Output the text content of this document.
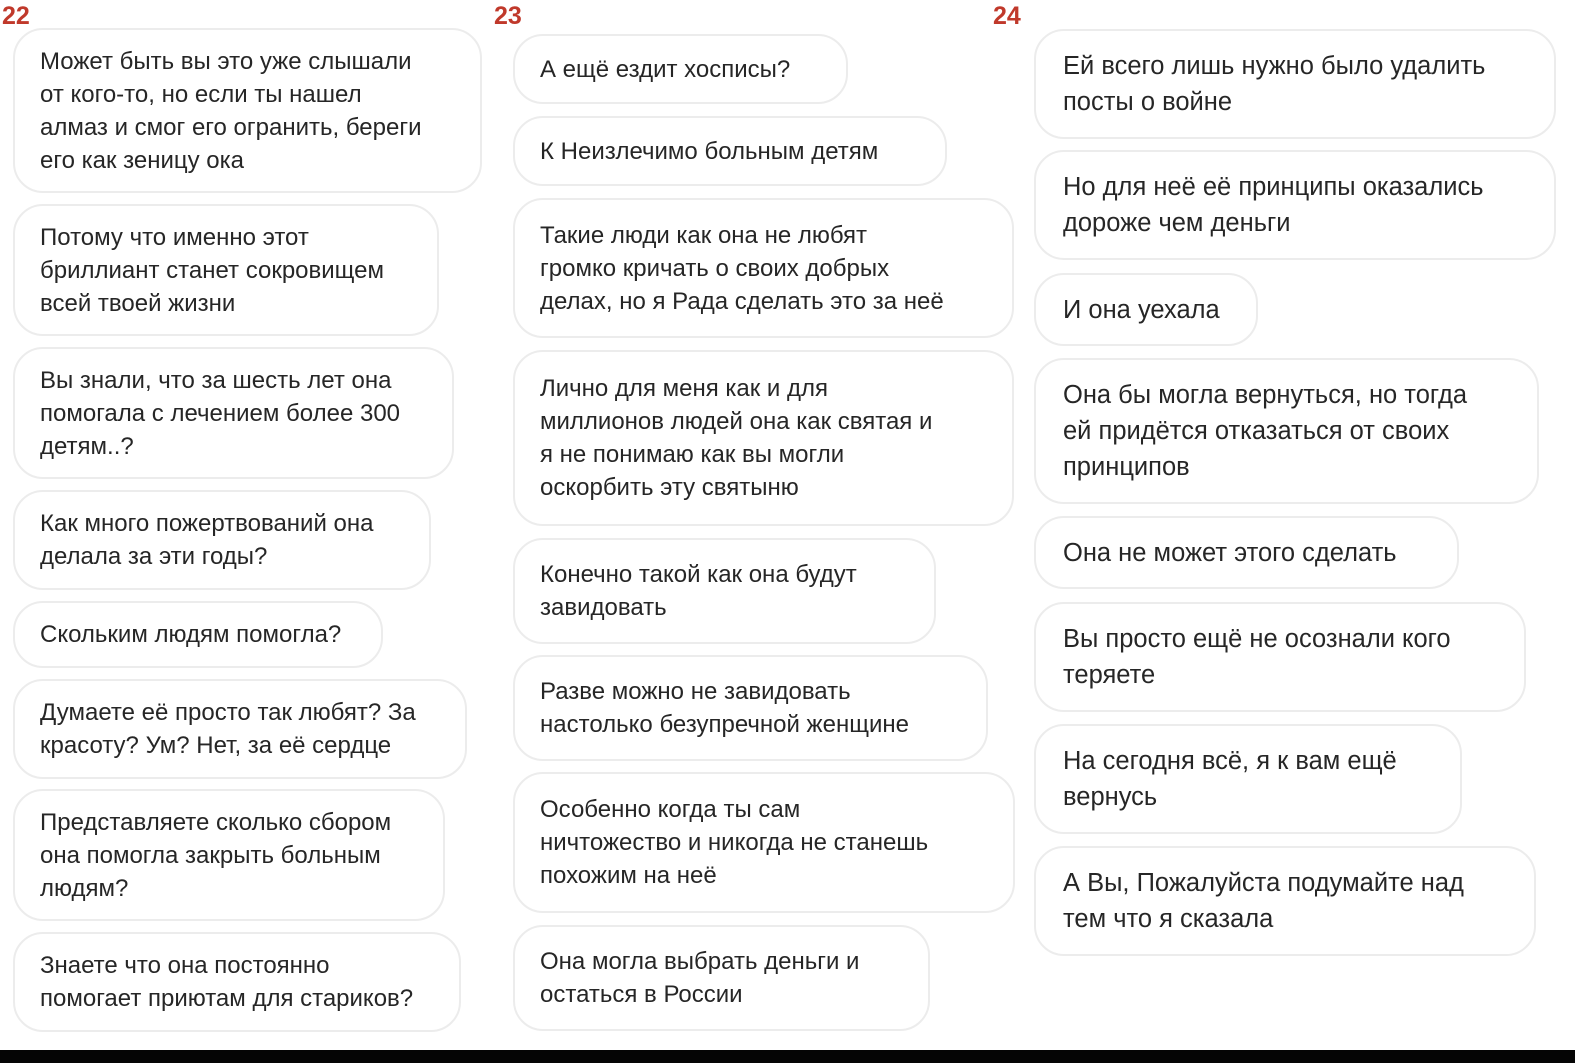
22

Может быть вы это уже слышали
от кого-то, но если ты нашел
алмаз и смог его огранить, береги
его как зеницу ока
Потому что именно этот
бриллиант станет сокровищем
всей твоей жизни
Вы знали, что за шесть лет она
помогала с лечением более 300
детям..?
Как много пожертвований она
делала за эти годы?
Скольким людям помогла?
Думаете её просто так любят? За
красоту? Ум? Нет, за её сердце
Представляете сколько сбором
она помогла закрыть больным
людям?
Знаете что она постоянно
помогает приютам для стариков?

23

А ещё ездит хосписы?
К Неизлечимо больным детям
Такие люди как она не любят
громко кричать о своих добрых
делах, но я Рада сделать это за неё
Лично для меня как и для
миллионов людей она как святая и
я не понимаю как вы могли
оскорбить эту святыню
Конечно такой как она будут
завидовать
Разве можно не завидовать
настолько безупречной женщине
Особенно когда ты сам
ничтожество и никогда не станешь
похожим на неё
Она могла выбрать деньги и
остаться в России

24

Ей всего лишь нужно было удалить
посты о войне
Но для неё её принципы оказались
дороже чем деньги
И она уехала
Она бы могла вернуться, но тогда
ей придётся отказаться от своих
принципов
Она не может этого сделать
Вы просто ещё не осознали кого
теряете
На сегодня всё, я к вам ещё
вернусь
А Вы, Пожалуйста подумайте над
тем что я сказала
